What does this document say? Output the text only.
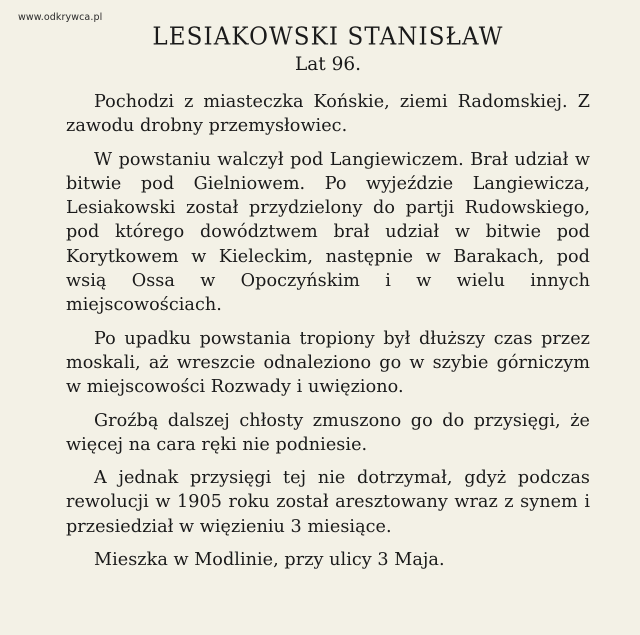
www.odkrywca.pl
LESIAKOWSKI STANISŁAW
Lat 96.

Pochodzi z miasteczka Końskie, ziemi Radomskiej. Z zawodu drobny przemysłowiec.

W powstaniu walczył pod Langiewiczem. Brał udział w bitwie pod Gielniowem. Po wyjeździe Langiewicza, Lesiakowski został przydzielony do partji Rudowskiego, pod którego dowództwem brał udział w bitwie pod Korytkowem w Kieleckim, następnie w Barakach, pod wsią Ossa w Opoczyńskim i w wielu innych miejscowościach.

Po upadku powstania tropiony był dłuższy czas przez moskali, aż wreszcie odnaleziono go w szybie górniczym w miejscowości Rozwady i uwięziono.

Groźbą dalszej chłosty zmuszono go do przysięgi, że więcej na cara ręki nie podniesie.

A jednak przysięgi tej nie dotrzymał, gdyż podczas rewolucji w 1905 roku został aresztowany wraz z synem i przesiedział w więzieniu 3 miesiące.

Mieszka w Modlinie, przy ulicy 3 Maja.
